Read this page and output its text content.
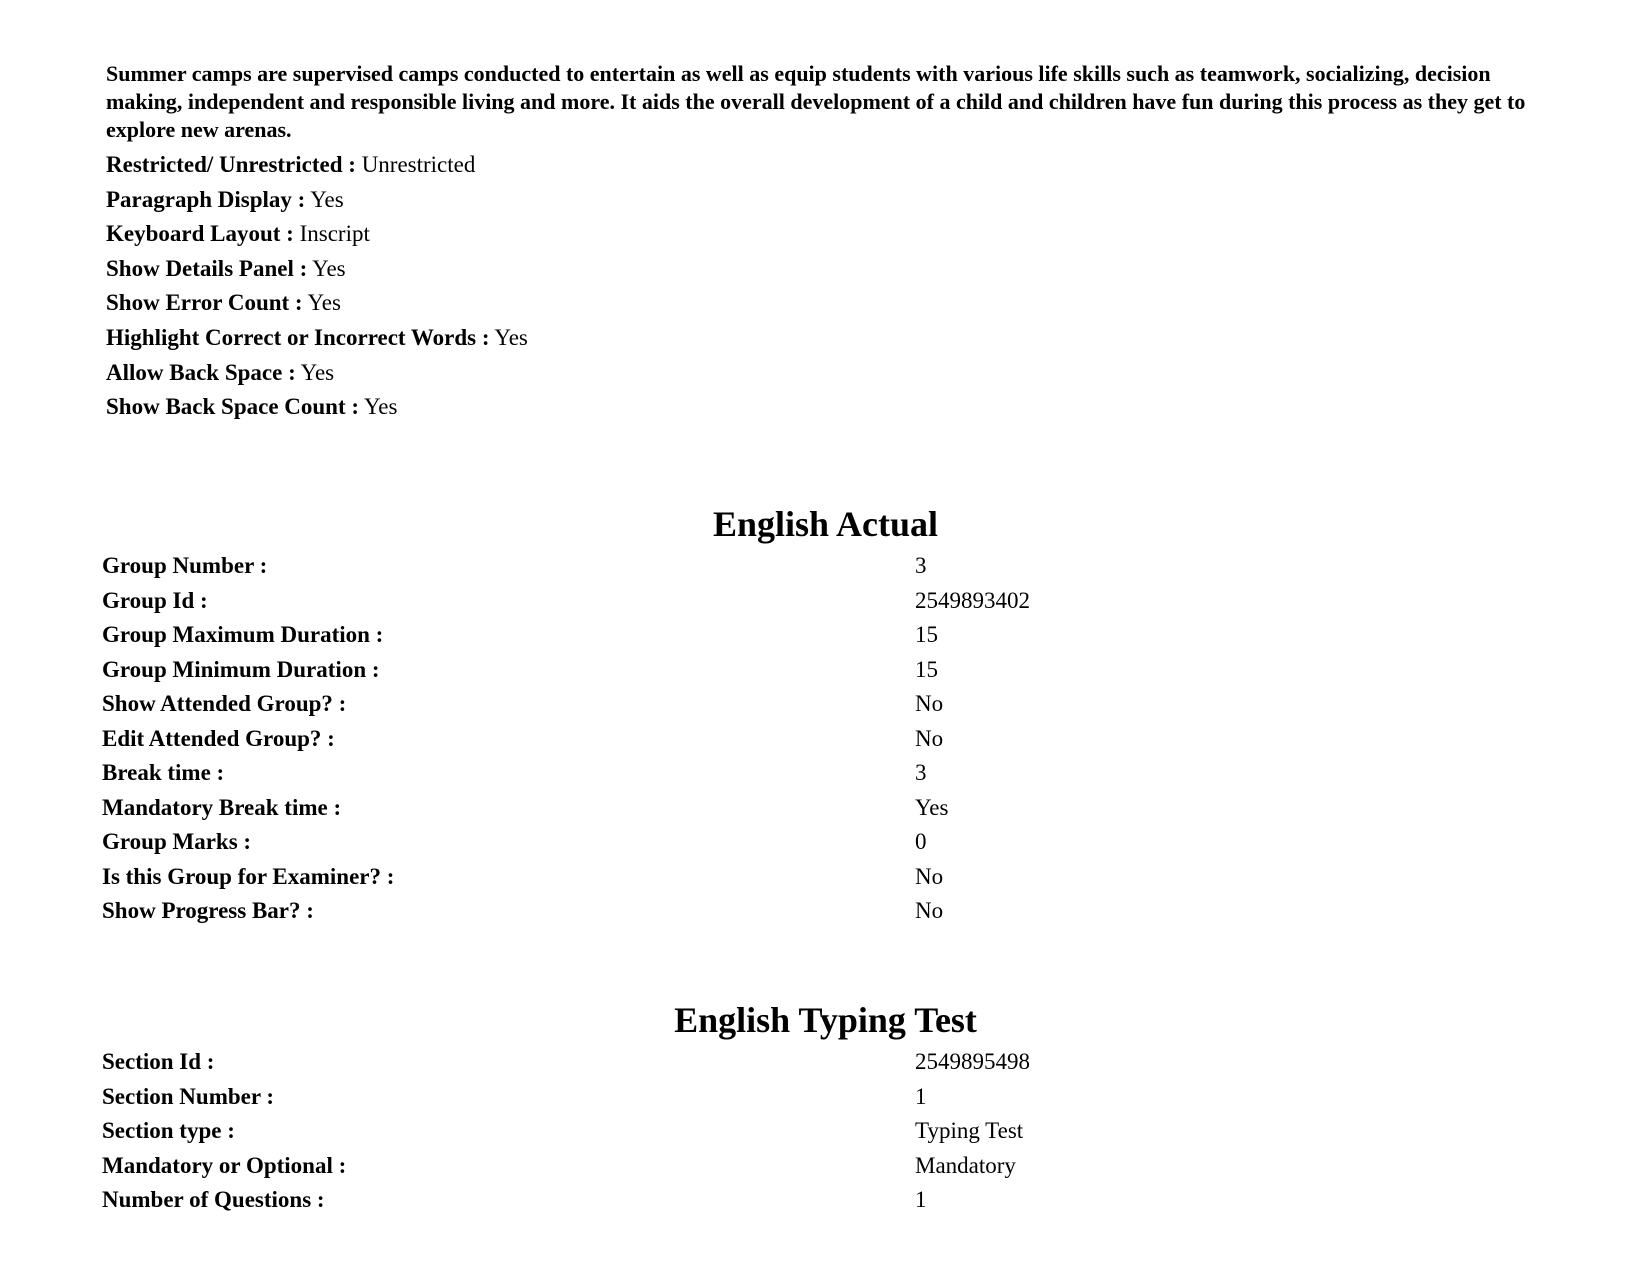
Summer camps are supervised camps conducted to entertain as well as equip students with various life skills such as teamwork, socializing, decision making, independent and responsible living and more. It aids the overall development of a child and children have fun during this process as they get to explore new arenas.

Restricted/ Unrestricted : Unrestricted
Paragraph Display : Yes
Keyboard Layout : Inscript
Show Details Panel : Yes
Show Error Count : Yes
Highlight Correct or Incorrect Words : Yes
Allow Back Space : Yes
Show Back Space Count : Yes
English Actual
Group Number :	3
Group Id :	2549893402
Group Maximum Duration :	15
Group Minimum Duration :	15
Show Attended Group? :	No
Edit Attended Group? :	No
Break time :	3
Mandatory Break time :	Yes
Group Marks :	0
Is this Group for Examiner? :	No
Show Progress Bar? :	No
English Typing Test
Section Id :	2549895498
Section Number :	1
Section type :	Typing Test
Mandatory or Optional :	Mandatory
Number of Questions :	1
